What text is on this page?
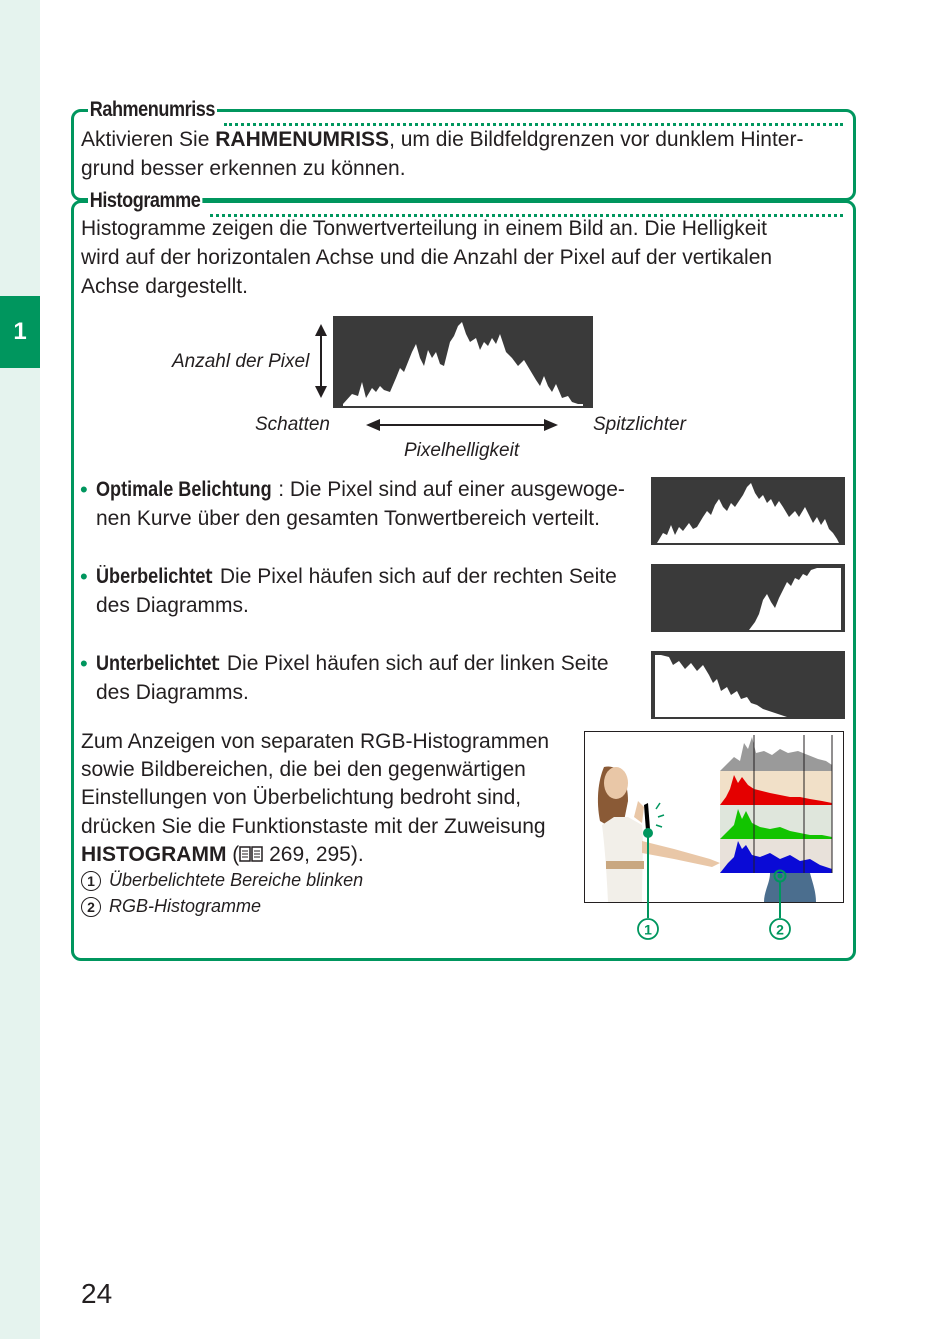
1
Rahmenumriss

Aktivieren Sie RAHMENUMRISS, um die Bildfeldgrenzen vor dunklem Hinter-
grund besser erkennen zu können.

Histogramme

Histogramme zeigen die Tonwertverteilung in einem Bild an. Die Helligkeit
wird auf der horizontalen Achse und die Anzahl der Pixel auf der vertikalen
Achse dargestellt.

Anzahl der Pixel
Schatten	Spitzlichter
Pixelhelligkeit
• Optimale Belichtung : Die Pixel sind auf einer ausgewoge-
nen Kurve über den gesamten Tonwertbereich verteilt.
• Überbelichtet: Die Pixel häufen sich auf der rechten Seite
des Diagramms.
• Unterbelichtet: Die Pixel häufen sich auf der linken Seite
des Diagramms.

Zum Anzeigen von separaten RGB-Histogrammen
sowie Bildbereichen, die bei den gegenwärtigen
Einstellungen von Überbelichtung bedroht sind,
drücken Sie die Funktionstaste mit der Zuweisung
HISTOGRAMM ( 269, 295).

1 Überbelichtete Bereiche blinken
2 RGB-Histogramme
1	2
24
